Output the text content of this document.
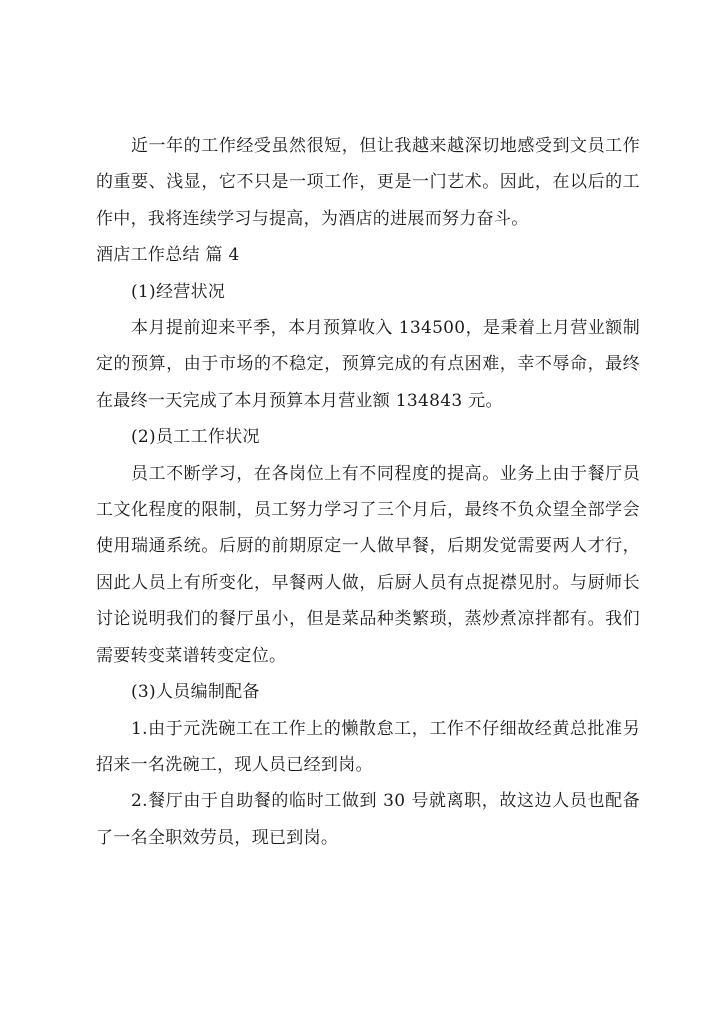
近一年的工作经受虽然很短，但让我越来越深切地感受到文员工作的重要、浅显，它不只是一项工作，更是一门艺术。因此，在以后的工作中，我将连续学习与提高，为酒店的进展而努力奋斗。

酒店工作总结 篇 4

(1)经营状况

本月提前迎来平季，本月预算收入 134500，是秉着上月营业额制定的预算，由于市场的不稳定，预算完成的有点困难，幸不辱命，最终在最终一天完成了本月预算本月营业额 134843 元。

(2)员工工作状况

员工不断学习，在各岗位上有不同程度的提高。业务上由于餐厅员工文化程度的限制，员工努力学习了三个月后，最终不负众望全部学会使用瑞通系统。后厨的前期原定一人做早餐，后期发觉需要两人才行，因此人员上有所变化，早餐两人做，后厨人员有点捉襟见肘。与厨师长讨论说明我们的餐厅虽小，但是菜品种类繁琐，蒸炒煮凉拌都有。我们需要转变菜谱转变定位。

(3)人员编制配备

1.由于元洗碗工在工作上的懒散怠工，工作不仔细故经黄总批准另招来一名洗碗工，现人员已经到岗。

2.餐厅由于自助餐的临时工做到 30 号就离职，故这边人员也配备了一名全职效劳员，现已到岗。
